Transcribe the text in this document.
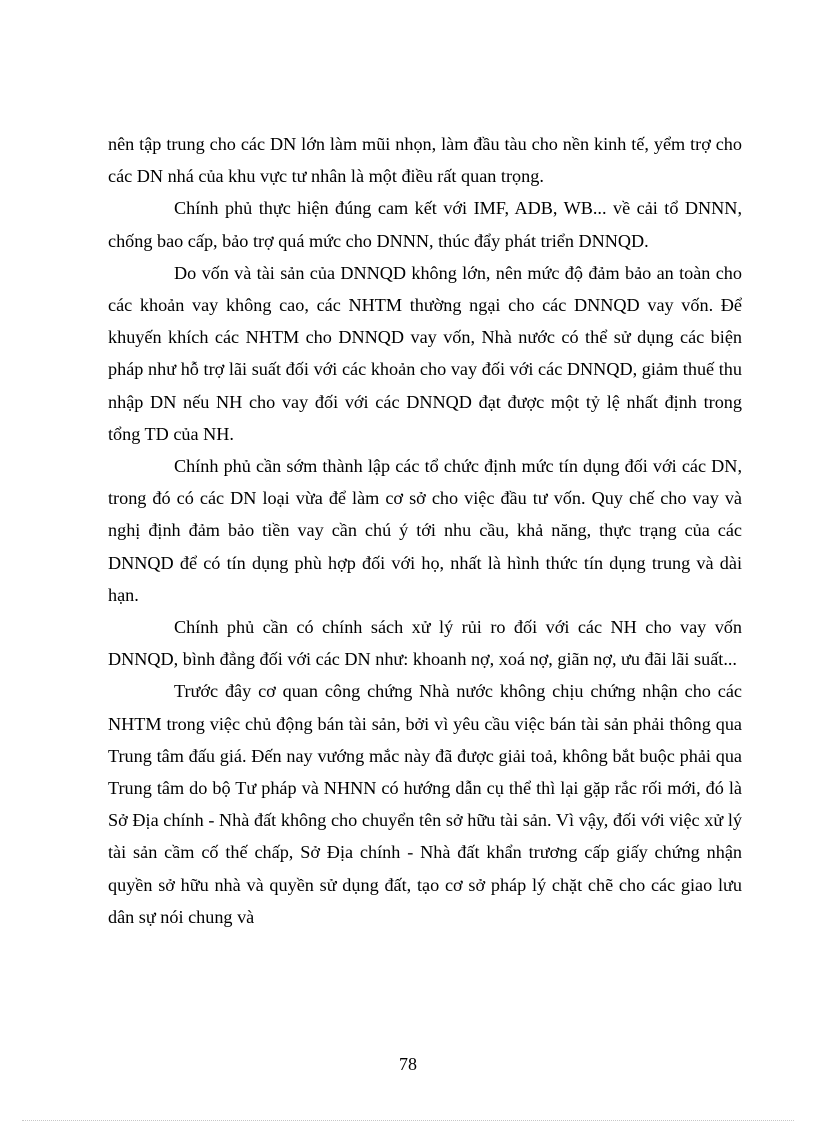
nên tập trung cho các DN lớn làm mũi nhọn, làm đầu tàu cho nền kinh tế, yểm trợ cho các DN nhá của khu vực tư nhân là một điều rất quan trọng.

Chính phủ thực hiện đúng cam kết với IMF, ADB, WB... về cải tổ DNNN, chống bao cấp, bảo trợ quá mức cho DNNN, thúc đẩy phát triển DNNQD.

Do vốn và tài sản của DNNQD không lớn, nên mức độ đảm bảo an toàn cho các khoản vay không cao, các NHTM thường ngại cho các DNNQD vay vốn. Để khuyến khích các NHTM cho DNNQD vay vốn, Nhà nước có thể sử dụng các biện pháp như hỗ trợ lãi suất đối với các khoản cho vay đối với các DNNQD, giảm thuế thu nhập DN nếu NH cho vay đối với các DNNQD đạt được một tỷ lệ nhất định trong tổng TD của NH.

Chính phủ cần sớm thành lập các tổ chức định mức tín dụng đối với các DN, trong đó có các DN loại vừa để làm cơ sở cho việc đầu tư vốn. Quy chế cho vay và nghị định đảm bảo tiền vay cần chú ý tới nhu cầu, khả năng, thực trạng của các DNNQD để có tín dụng phù hợp đối với họ, nhất là hình thức tín dụng trung và dài hạn.

Chính phủ cần có chính sách xử lý rủi ro đối với các NH cho vay vốn DNNQD, bình đẳng đối với các DN như: khoanh nợ, xoá nợ, giãn nợ, ưu đãi lãi suất...

Trước đây cơ quan công chứng Nhà nước không chịu chứng nhận cho các NHTM trong việc chủ động bán tài sản, bởi vì yêu cầu việc bán tài sản phải thông qua Trung tâm đấu giá. Đến nay vướng mắc này đã được giải toả, không bắt buộc phải qua Trung tâm do bộ Tư pháp và NHNN có hướng dẫn cụ thể thì lại gặp rắc rối mới, đó là Sở Địa chính - Nhà đất không cho chuyển tên sở hữu tài sản. Vì vậy, đối với việc xử lý tài sản cầm cố thế chấp, Sở Địa chính - Nhà đất khẩn trương cấp giấy chứng nhận quyền sở hữu nhà và quyền sử dụng đất, tạo cơ sở pháp lý chặt chẽ cho các giao lưu dân sự nói chung và

78
